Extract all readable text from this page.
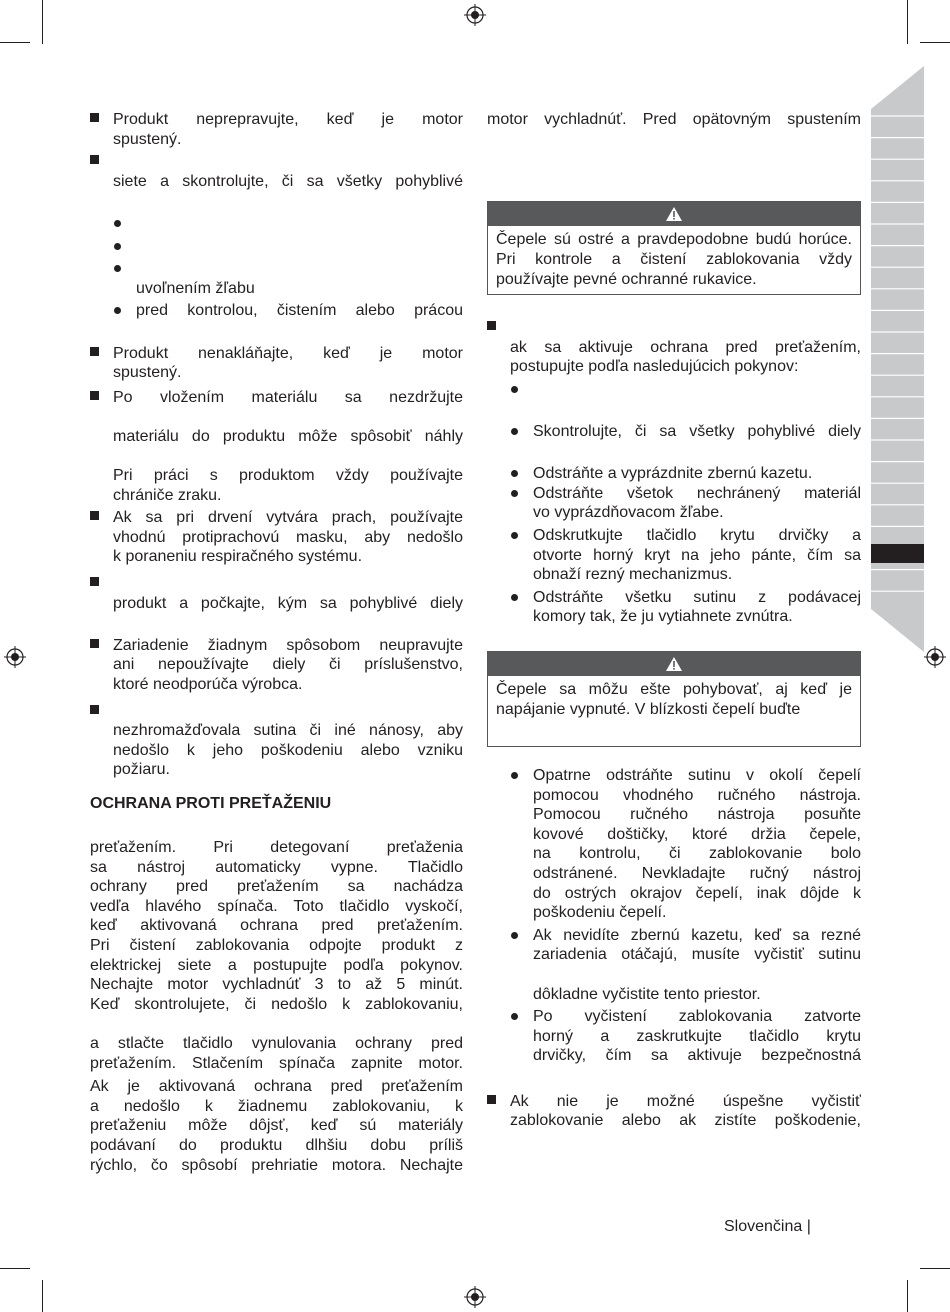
Produkt neprepravujte, keď je motor
spustený.
siete a skontrolujte, či sa všetky pohyblivé
uvoľnením žľabu
pred kontrolou, čistením alebo prácou
Produkt nenakláňajte, keď je motor
spustený.
Po vložením materiálu sa nezdržujte
materiálu do produktu môže spôsobiť náhly
Pri práci s produktom vždy používajte
chrániče zraku.
Ak sa pri drvení vytvára prach, používajte
vhodnú protiprachovú masku, aby nedošlo
k poraneniu respiračného systému.
produkt a počkajte, kým sa pohyblivé diely
Zariadenie žiadnym spôsobom neupravujte
ani nepoužívajte diely či príslušenstvo,
ktoré neodporúča výrobca.
nezhromažďovala sutina či iné nánosy, aby
nedošlo k jeho poškodeniu alebo vzniku
požiaru.
OCHRANA PROTI PREŤAŽENIU
preťažením. Pri detegovaní preťaženia
sa nástroj automaticky vypne. Tlačidlo
ochrany pred preťažením sa nachádza
vedľa hlavého spínača. Toto tlačidlo vyskočí,
keď aktivovaná ochrana pred preťažením.
Pri čistení zablokovania odpojte produkt z
elektrickej siete a postupujte podľa pokynov.
Nechajte motor vychladnúť 3 to až 5 minút.
Keď skontrolujete, či nedošlo k zablokovaniu,
a stlačte tlačidlo vynulovania ochrany pred
preťažením. Stlačením spínača zapnite motor.
Ak je aktivovaná ochrana pred preťažením
a nedošlo k žiadnemu zablokovaniu, k
preťaženiu môže dôjsť, keď sú materiály
podávaní do produktu dlhšiu dobu príliš
rýchlo, čo spôsobí prehriatie motora. Nechajte
motor vychladnúť. Pred opätovným spustením
Čepele sú ostré a pravdepodobne budú horúce. Pri kontrole a čistení zablokovania vždy používajte pevné ochranné rukavice.
ak sa aktivuje ochrana pred preťažením,
postupujte podľa nasledujúcich pokynov:
Skontrolujte, či sa všetky pohyblivé diely
Odstráňte a vyprázdnite zbernú kazetu.
Odstráňte všetok nechránený materiál
vo vyprázdňovacom žľabe.
Odskrutkujte tlačidlo krytu drvičky a
otvorte horný kryt na jeho pánte, čím sa
obnaží rezný mechanizmus.
Odstráňte všetku sutinu z podávacej
komory tak, že ju vytiahnete zvnútra.
Čepele sa môžu ešte pohybovať, aj keď je napájanie vypnuté. V blízkosti čepelí buďte
Opatrne odstráňte sutinu v okolí čepelí
pomocou vhodného ručného nástroja.
Pomocou ručného nástroja posuňte
kovové doštičky, ktoré držia čepele,
na kontrolu, či zablokovanie bolo
odstránené. Nevkladajte ručný nástroj
do ostrých okrajov čepelí, inak dôjde k
poškodeniu čepelí.
Ak nevidíte zbernú kazetu, keď sa rezné
zariadenia otáčajú, musíte vyčistiť sutinu
dôkladne vyčistite tento priestor.
Po vyčistení zablokovania zatvorte
horný a zaskrutkujte tlačidlo krytu
drvičky, čím sa aktivuje bezpečnostná
Ak nie je možné úspešne vyčistiť
zablokovanie alebo ak zistíte poškodenie,
Slovenčina |
